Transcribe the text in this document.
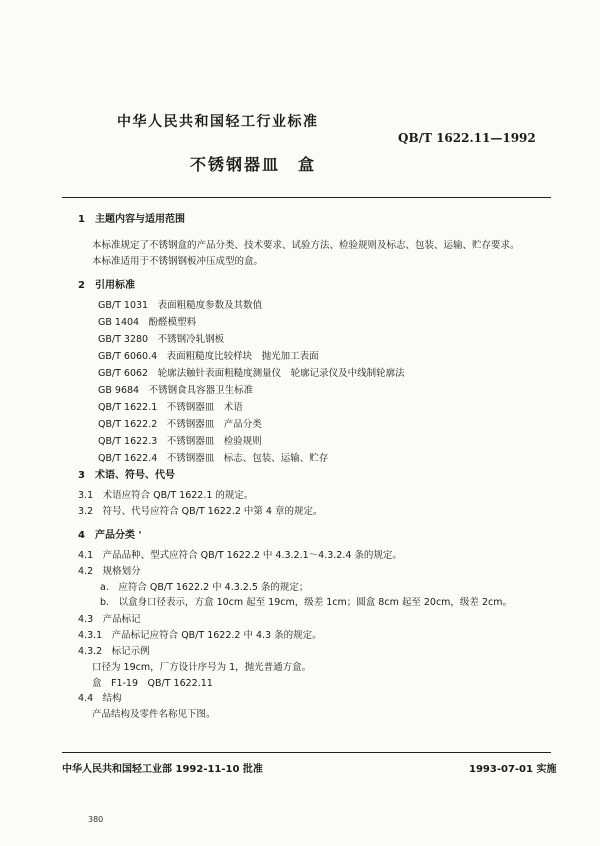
中华人民共和国轻工行业标准
QB/T 1622.11—1992
不锈钢器皿　盒
1　主题内容与适用范围
本标准规定了不锈钢盒的产品分类、技术要求、试验方法、检验规则及标志、包装、运输、贮存要求。
本标准适用于不锈钢钢板冲压成型的盒。
2　引用标准
GB/T 1031　表面粗糙度参数及其数值
GB 1404　酚醛模塑料
GB/T 3280　不锈钢冷轧钢板
GB/T 6060.4　表面粗糙度比较样块　抛光加工表面
GB/T 6062　轮廓法触针表面粗糙度测量仪　轮廓记录仪及中线制轮廓法
GB 9684　不锈钢食具容器卫生标准
QB/T 1622.1　不锈钢器皿　术语
QB/T 1622.2　不锈钢器皿　产品分类
QB/T 1622.3　不锈钢器皿　检验规则
QB/T 1622.4　不锈钢器皿　标志、包装、运输、贮存
3　术语、符号、代号
3.1　术语应符合 QB/T 1622.1 的规定。
3.2　符号、代号应符合 QB/T 1622.2 中第 4 章的规定。
4　产品分类 '
4.1　产品品种、型式应符合 QB/T 1622.2 中 4.3.2.1～4.3.2.4 条的规定。
4.2　规格划分
a.　应符合 QB/T 1622.2 中 4.3.2.5 条的规定；
b.　以盒身口径表示，方盒 10cm 起至 19cm，级差 1cm；圆盒 8cm 起至 20cm，级差 2cm。
4.3　产品标记
4.3.1　产品标记应符合 QB/T 1622.2 中 4.3 条的规定。
4.3.2　标记示例
口径为 19cm，厂方设计序号为 1，抛光普通方盒。
盒　F1-19　QB/T 1622.11
4.4　结构
产品结构及零件名称见下图。
中华人民共和国轻工业部 1992-11-10 批准	1993-07-01 实施
380
